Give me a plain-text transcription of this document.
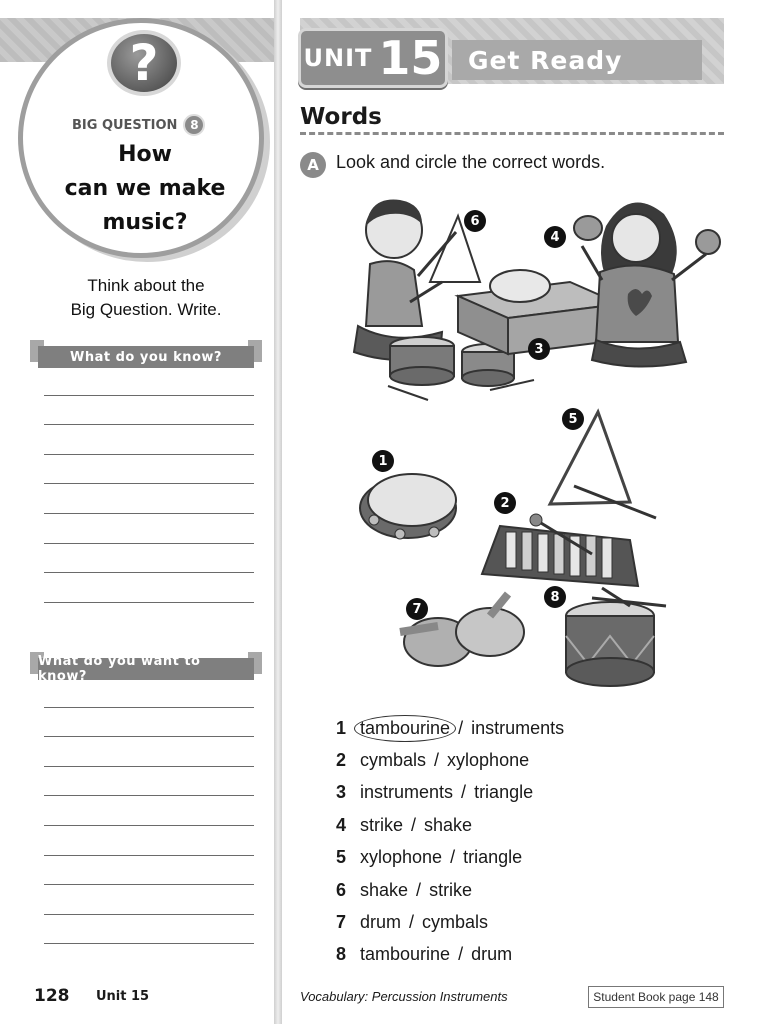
?
BIG QUESTION	8
How
can we make
music?
Think about the
Big Question. Write.
What do you know?
What do you want to know?
128 Unit 15
UNIT 15 Get Ready
Words
A Look and circle the correct words.
6
4
3
5
1
2
7
8
1 tambourine / instruments
2 cymbals / xylophone
3 instruments / triangle
4 strike / shake
5 xylophone / triangle
6 shake / strike
7 drum / cymbals
8 tambourine / drum
Vocabulary: Percussion Instruments	Student Book page 148
